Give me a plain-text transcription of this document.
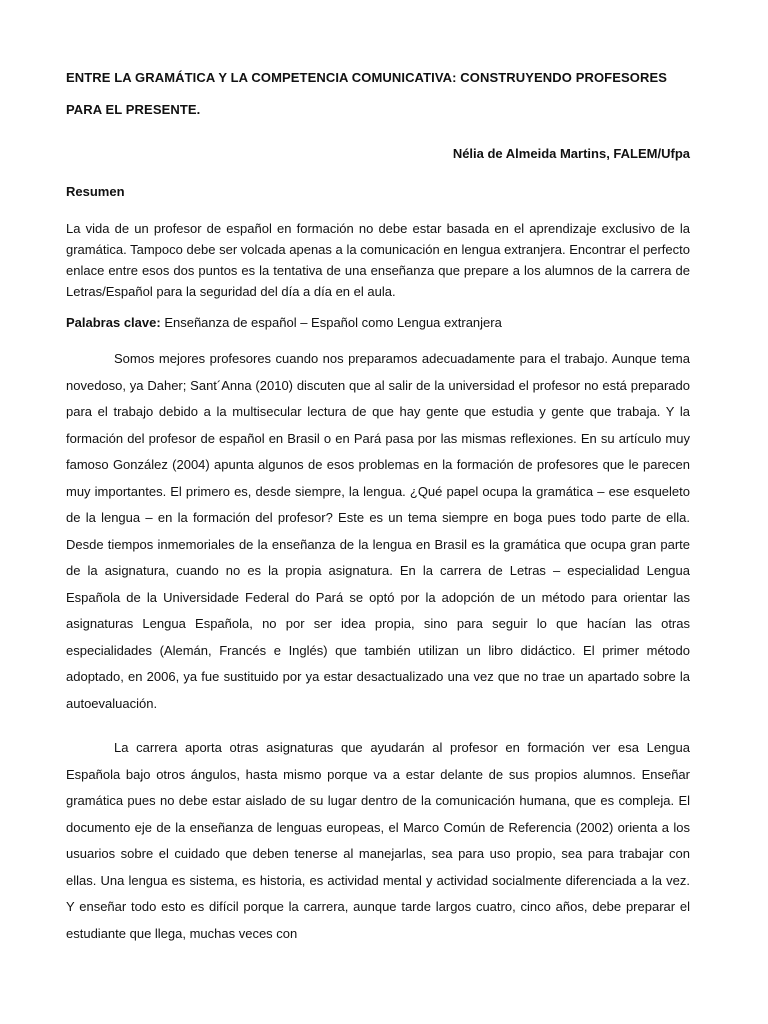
ENTRE LA GRAMÁTICA Y LA COMPETENCIA COMUNICATIVA: CONSTRUYENDO PROFESORES PARA EL PRESENTE.

Nélia de Almeida Martins, FALEM/Ufpa

Resumen

La vida de un profesor de español en formación no debe estar basada en el aprendizaje exclusivo de la gramática. Tampoco debe ser volcada apenas a la comunicación en lengua extranjera. Encontrar el perfecto enlace entre esos dos puntos es la tentativa de una enseñanza que prepare a los alumnos de la carrera de Letras/Español para la seguridad del día a día en el aula.

Palabras clave: Enseñanza de español – Español como Lengua extranjera

Somos mejores profesores cuando nos preparamos adecuadamente para el trabajo. Aunque tema novedoso, ya Daher; Sant´Anna (2010) discuten que al salir de la universidad el profesor no está preparado para el trabajo debido a la multisecular lectura de que hay gente que estudia y gente que trabaja. Y la formación del profesor de español en Brasil o en Pará pasa por las mismas reflexiones. En su artículo muy famoso González (2004) apunta algunos de esos problemas en la formación de profesores que le parecen muy importantes. El primero es, desde siempre, la lengua. ¿Qué papel ocupa la gramática – ese esqueleto de la lengua – en la formación del profesor? Este es un tema siempre en boga pues todo parte de ella. Desde tiempos inmemoriales de la enseñanza de la lengua en Brasil es la gramática que ocupa gran parte de la asignatura, cuando no es la propia asignatura. En la carrera de Letras – especialidad Lengua Española de la Universidade Federal do Pará se optó por la adopción de un método para orientar las asignaturas Lengua Española, no por ser idea propia, sino para seguir lo que hacían las otras especialidades (Alemán, Francés e Inglés) que también utilizan un libro didáctico. El primer método adoptado, en 2006, ya fue sustituido por ya estar desactualizado una vez que no trae un apartado sobre la autoevaluación.

La carrera aporta otras asignaturas que ayudarán al profesor en formación ver esa Lengua Española bajo otros ángulos, hasta mismo porque va a estar delante de sus propios alumnos. Enseñar gramática pues no debe estar aislado de su lugar dentro de la comunicación humana, que es compleja. El documento eje de la enseñanza de lenguas europeas, el Marco Común de Referencia (2002) orienta a los usuarios sobre el cuidado que deben tenerse al manejarlas, sea para uso propio, sea para trabajar con ellas. Una lengua es sistema, es historia, es actividad mental y actividad socialmente diferenciada a la vez. Y enseñar todo esto es difícil porque la carrera, aunque tarde largos cuatro, cinco años, debe preparar el estudiante que llega, muchas veces con
